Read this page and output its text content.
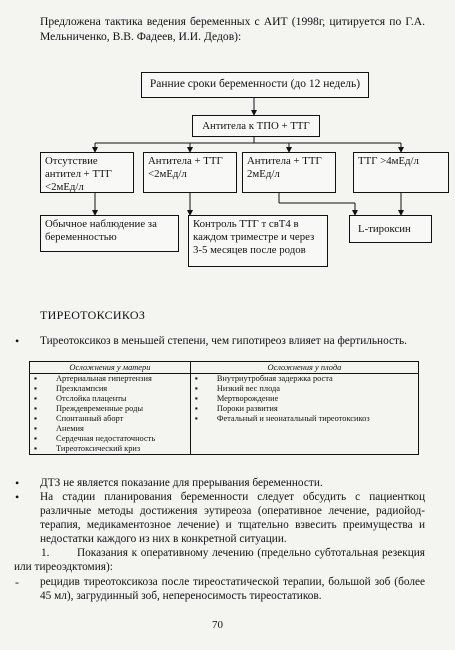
Предложена тактика ведения беременных с АИТ (1998г, цитируется по Г.А. Мельниченко, В.В. Фадеев, И.И. Дедов):
Ранние сроки беременности (до 12 недель)
Антитела к ТПО + ТТГ
Отсутствие антител + ТТГ <2мЕд/л
Антитела + ТТГ <2мЕд/л
Антитела + ТТГ 2мЕд/л
ТТГ >4мЕд/л
Обычное наблюдение за беременностью
Контроль ТТГ т свТ4 в каждом триместре и через 3-5 месяцев после родов
L-тироксин
ТИРЕОТОКСИКОЗ
• Тиреотоксикоз в меньшей степени, чем гипотиреоз влияет на фертильность.
Осложнения у матери	Осложнения у плода

▪ Артериальная гипертензия	▪ Внутриутробная задержка роста

▪ Презклампсия	▪ Низкий вес плода

▪ Отслойка плаценты	▪ Мертворождение

▪ Преждевременные роды	▪ Пороки развития

▪ Спонтанный аборт	▪ Фетальный и неонатальный тиреотоксикоз

▪ Анемия	

▪ Сердечная недостаточность	

▪ Тиреотоксический криз	

• ДТЗ не является показание для прерывания беременности.
• На стадии планирования беременности следует обсудить с пациенткоц различные методы достижения эутиреоза (оперативное лечение, радиойод-терапия, медикаментозное лечение) и тщательно взвесить преимущества и недостатки каждого из них в конкретной ситуации.
1.	Показания к оперативному лечению (предельно субтотальная резекция или тиреоэдктомия):
- рецидив тиреотоксикоза после тиреостатической терапии, большой зоб (более 45 мл), загрудинный зоб, непереносимость тиреостатиков.
70
